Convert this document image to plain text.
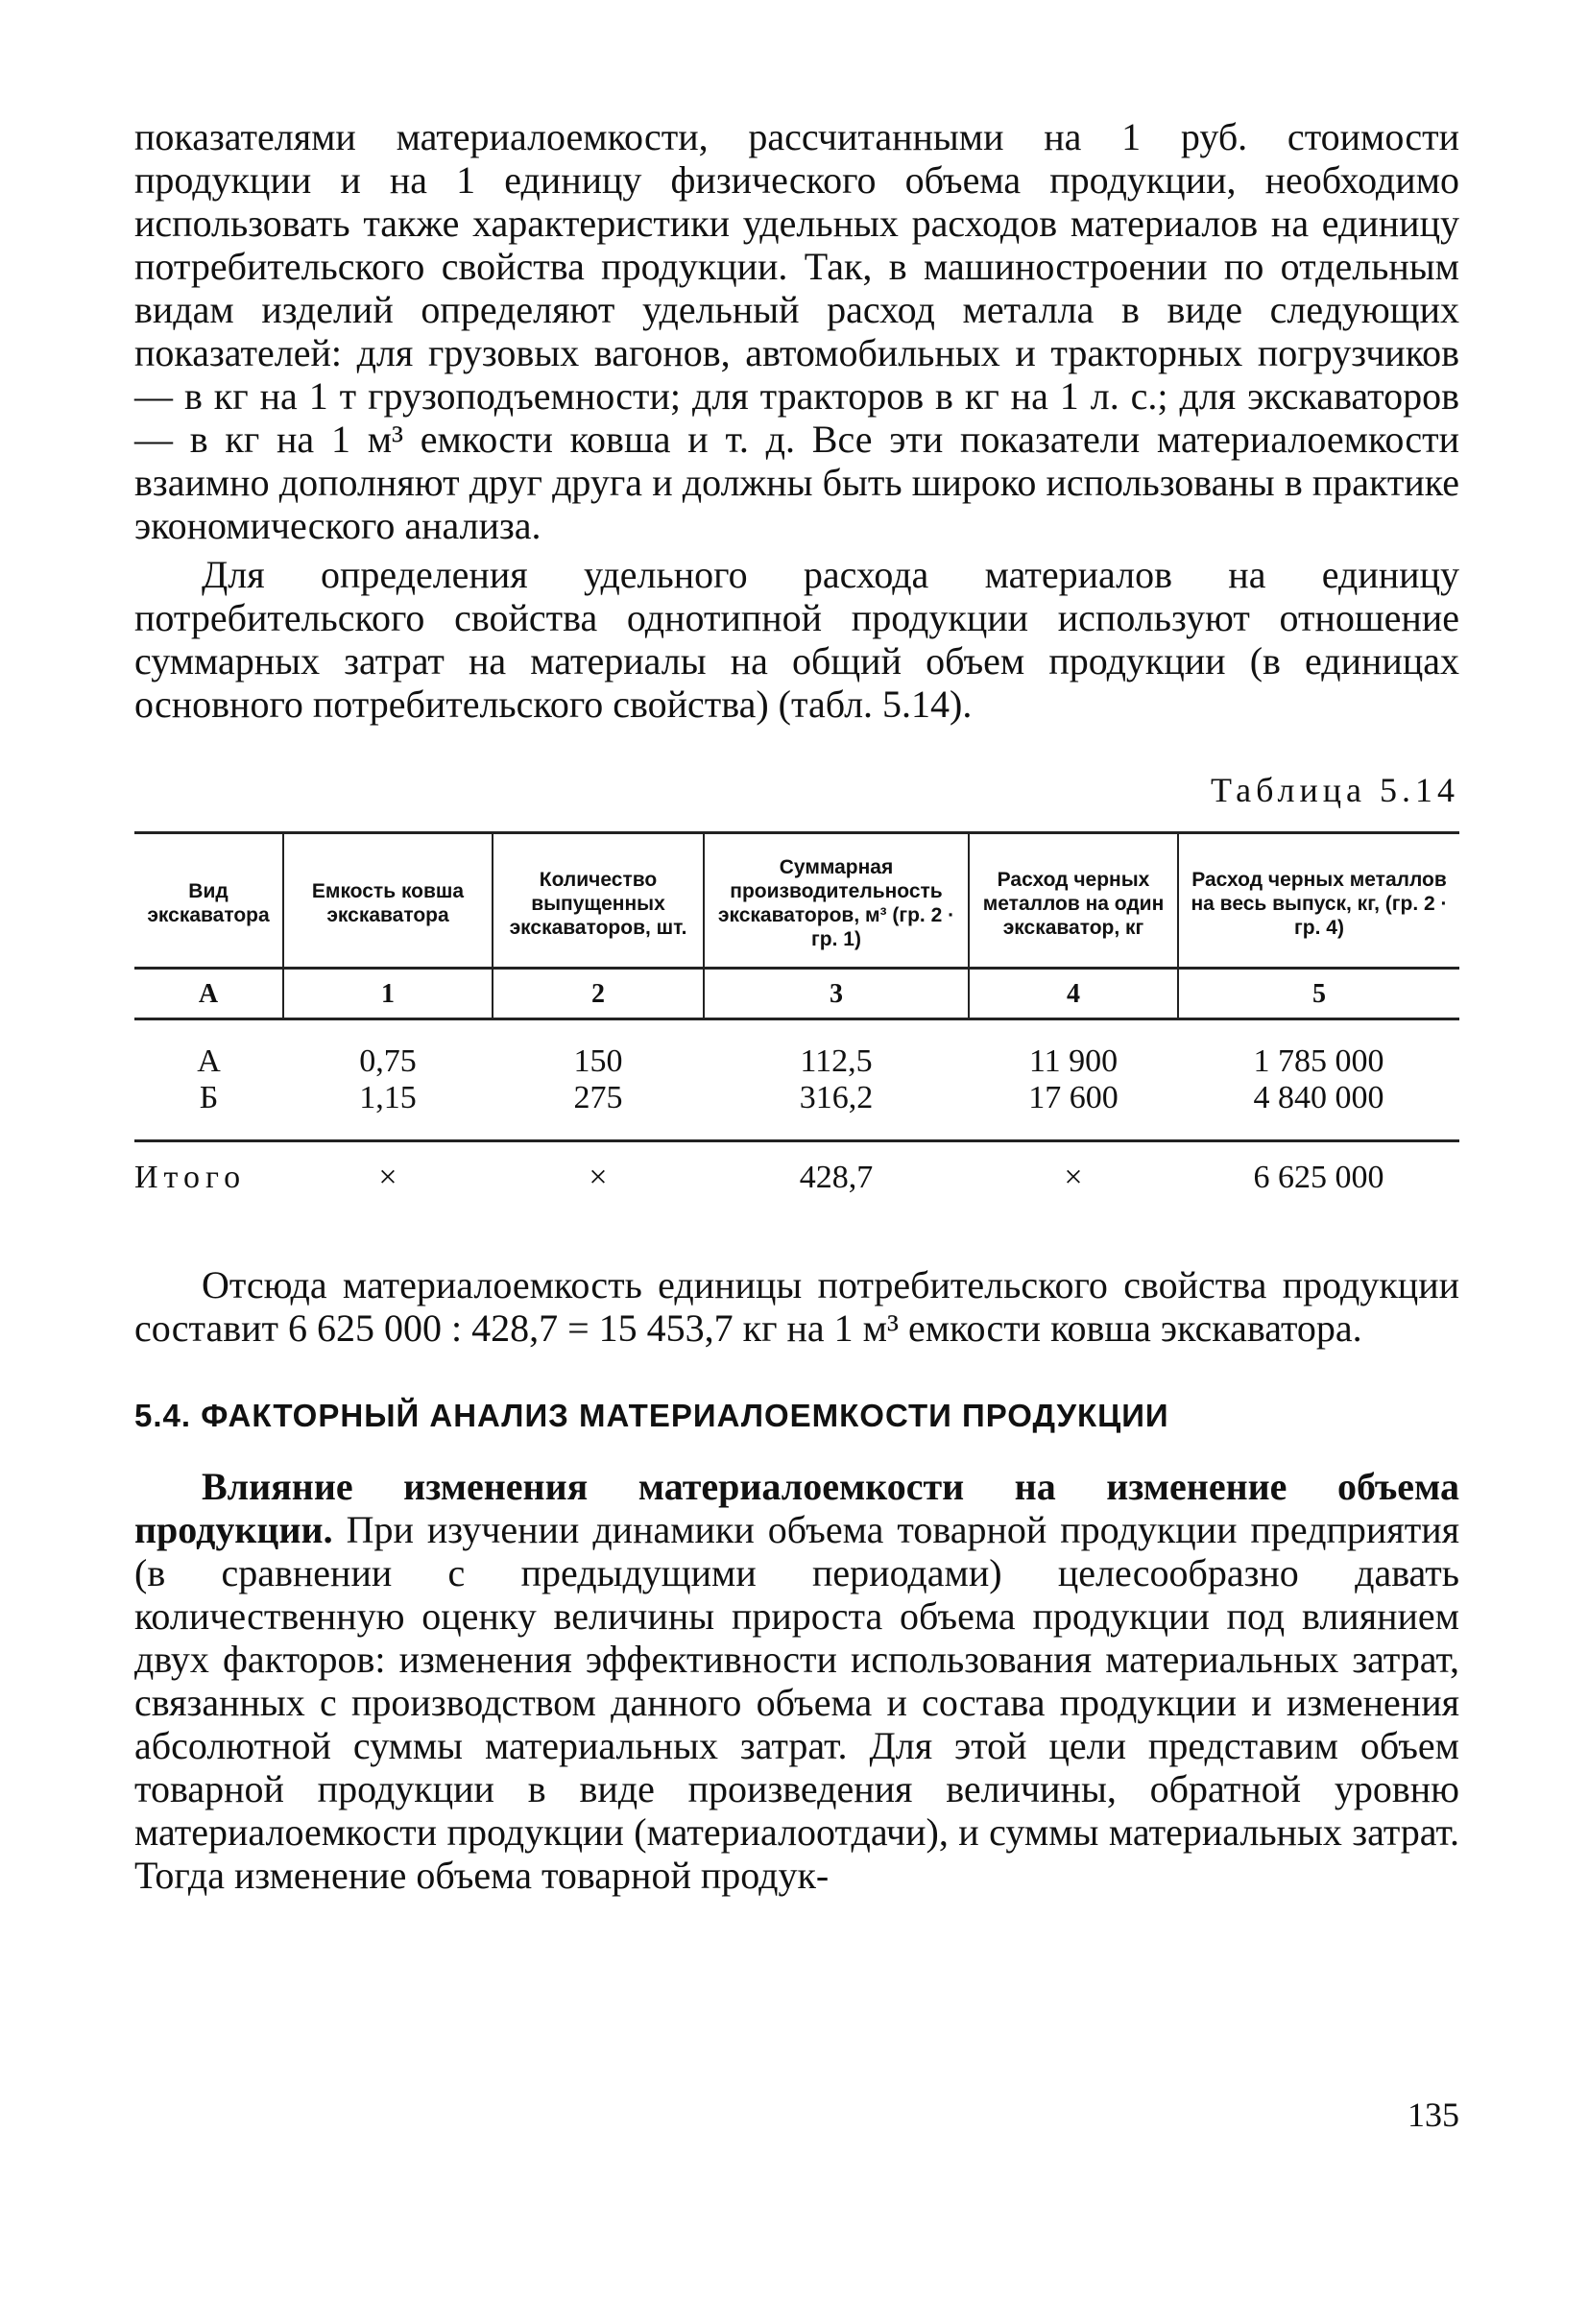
показателями материалоемкости, рассчитанными на 1 руб. стоимости продукции и на 1 единицу физического объема продукции, необходимо использовать также характеристики удельных расходов материалов на единицу потребительского свойства продукции. Так, в машиностроении по отдельным видам изделий определяют удельный расход металла в виде следующих показателей: для грузовых вагонов, автомобильных и тракторных погрузчиков — в кг на 1 т грузоподъемности; для тракторов в кг на 1 л. с.; для экскаваторов — в кг на 1 м³ емкости ковша и т. д. Все эти показатели материалоемкости взаимно дополняют друг друга и должны быть широко использованы в практике экономического анализа.

Для определения удельного расхода материалов на единицу потребительского свойства однотипной продукции используют отношение суммарных затрат на материалы на общий объем продукции (в единицах основного потребительского свойства) (табл. 5.14).

Таблица 5.14
Вид экскаватора	Емкость ковша экскаватора	Количество выпущенных экскаваторов, шт.	Суммарная производительность экскаваторов, м³ (гр. 2 · гр. 1)	Расход черных металлов на один экскаватор, кг	Расход черных металлов на весь выпуск, кг, (гр. 2 · гр. 4)
А	1	2	3	4	5
А	0,75	150	112,5	11 900	1 785 000
Б	1,15	275	316,2	17 600	4 840 000
Итого	×	×	428,7	×	6 625 000

Отсюда материалоемкость единицы потребительского свойства продукции составит 6 625 000 : 428,7 = 15 453,7 кг на 1 м³ емкости ковша экскаватора.

5.4. ФАКТОРНЫЙ АНАЛИЗ МАТЕРИАЛОЕМКОСТИ ПРОДУКЦИИ

Влияние изменения материалоемкости на изменение объема продукции. При изучении динамики объема товарной продукции предприятия (в сравнении с предыдущими периодами) целесообразно давать количественную оценку величины прироста объема продукции под влиянием двух факторов: изменения эффективности использования материальных затрат, связанных с производством данного объема и состава продукции и изменения абсолютной суммы материальных затрат. Для этой цели представим объем товарной продукции в виде произведения величины, обратной уровню материалоемкости продукции (материалоотдачи), и суммы материальных затрат. Тогда изменение объема товарной продук-

135
